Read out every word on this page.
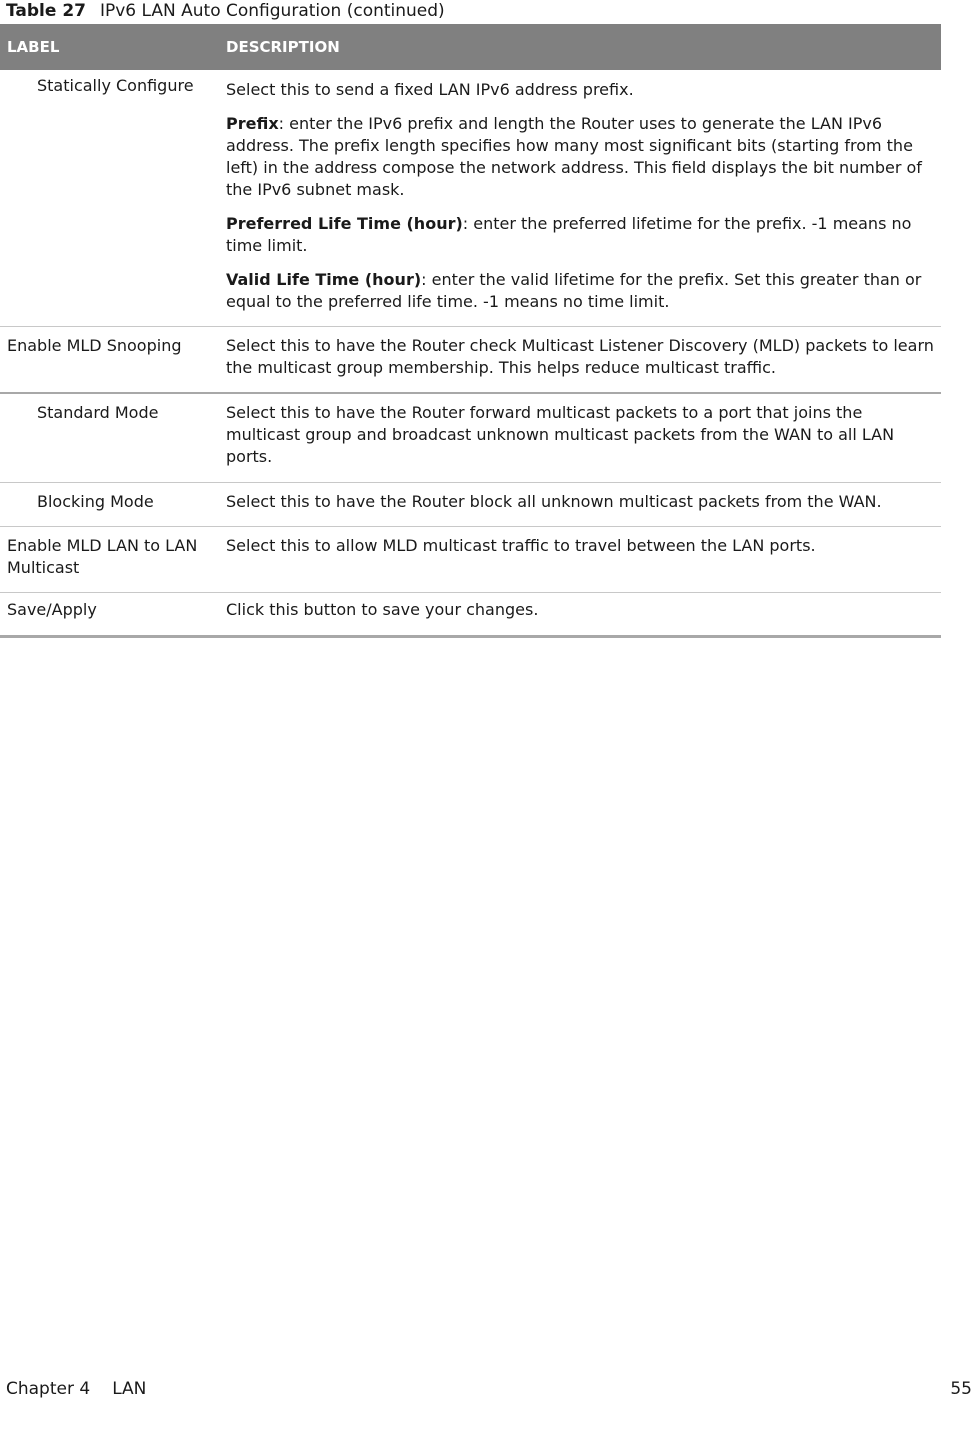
Table 27 IPv6 LAN Auto Configuration (continued)
LABEL	DESCRIPTION
Statically Configure	Select this to send a fixed LAN IPv6 address prefix.

Prefix: enter the IPv6 prefix and length the Router uses to generate the LAN IPv6 address. The prefix length specifies how many most significant bits (starting from the left) in the address compose the network address. This field displays the bit number of the IPv6 subnet mask.

Preferred Life Time (hour): enter the preferred lifetime for the prefix. -1 means no time limit.

Valid Life Time (hour): enter the valid lifetime for the prefix. Set this greater than or equal to the preferred life time. -1 means no time limit.

Enable MLD Snooping	Select this to have the Router check Multicast Listener Discovery (MLD) packets to learn the multicast group membership. This helps reduce multicast traffic.
Standard Mode	Select this to have the Router forward multicast packets to a port that joins the multicast group and broadcast unknown multicast packets from the WAN to all LAN ports.
Blocking Mode	Select this to have the Router block all unknown multicast packets from the WAN.
Enable MLD LAN to LAN Multicast	Select this to allow MLD multicast traffic to travel between the LAN ports.
Save/Apply	Click this button to save your changes.
Chapter 4 LAN	55
